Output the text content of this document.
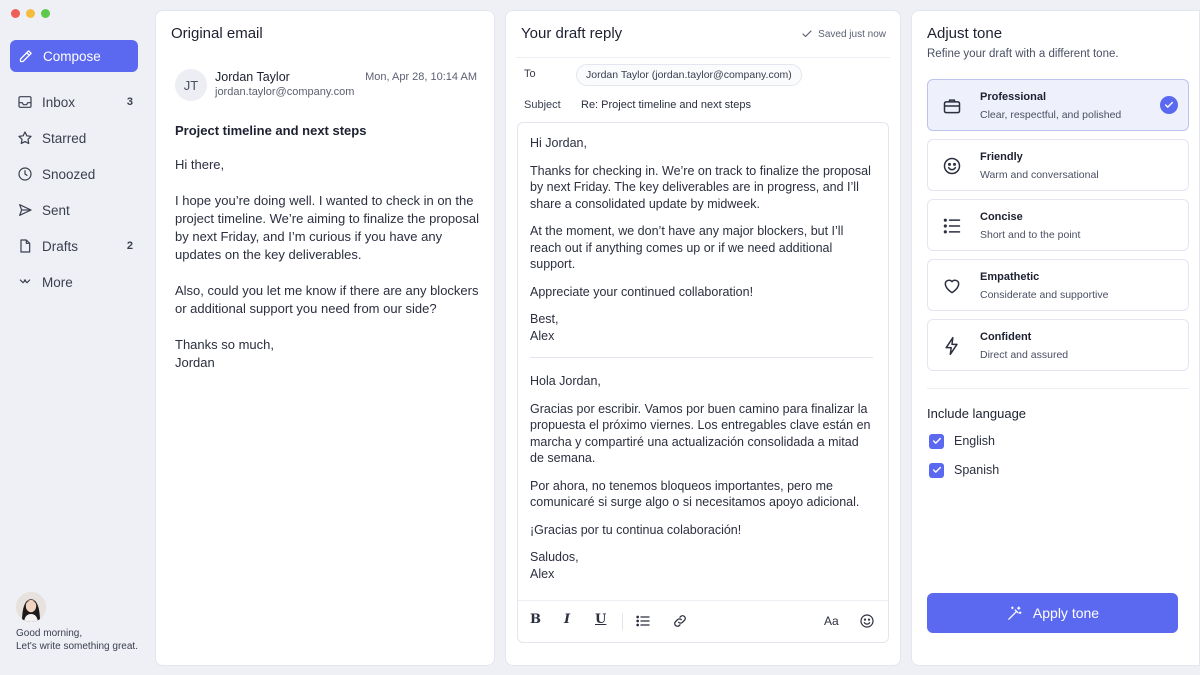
Compose
Inbox	3
Starred
Snoozed
Sent
Drafts	2
More
Good morning,
Let's write something great.
Original email
JT
Jordan Taylor
jordan.taylor@company.com
Mon, Apr 28, 10:14 AM
Project timeline and next steps

Hi there,

I hope you’re doing well. I wanted to check in on the project timeline. We’re aiming to finalize the proposal by next Friday, and I’m curious if you have any updates on the key deliverables.

Also, could you let me know if there are any blockers or additional support you need from our side?

Thanks so much,
Jordan

Your draft reply	Saved just now
To	Jordan Taylor (jordan.taylor@company.com)
Subject Re: Project timeline and next steps

Hi Jordan,

Thanks for checking in. We’re on track to finalize the proposal by next Friday. The key deliverables are in progress, and I’ll share a consolidated update by midweek.

At the moment, we don’t have any major blockers, but I’ll reach out if anything comes up or if we need additional support.

Appreciate your continued collaboration!

Best,
Alex

Hola Jordan,

Gracias por escribir. Vamos por buen camino para finalizar la propuesta el próximo viernes. Los entregables clave están en marcha y compartiré una actualización consolidada a mitad de semana.

Por ahora, no tenemos bloqueos importantes, pero me comunicaré si surge algo o si necesitamos apoyo adicional.

¡Gracias por tu continua colaboración!

Saludos,
Alex

B	I	U	Aa
Adjust tone
Refine your draft with a different tone.
Professional
Clear, respectful, and polished
Friendly
Warm and conversational
Concise
Short and to the point
Empathetic
Considerate and supportive
Confident
Direct and assured
Include language
English
Spanish
Apply tone
